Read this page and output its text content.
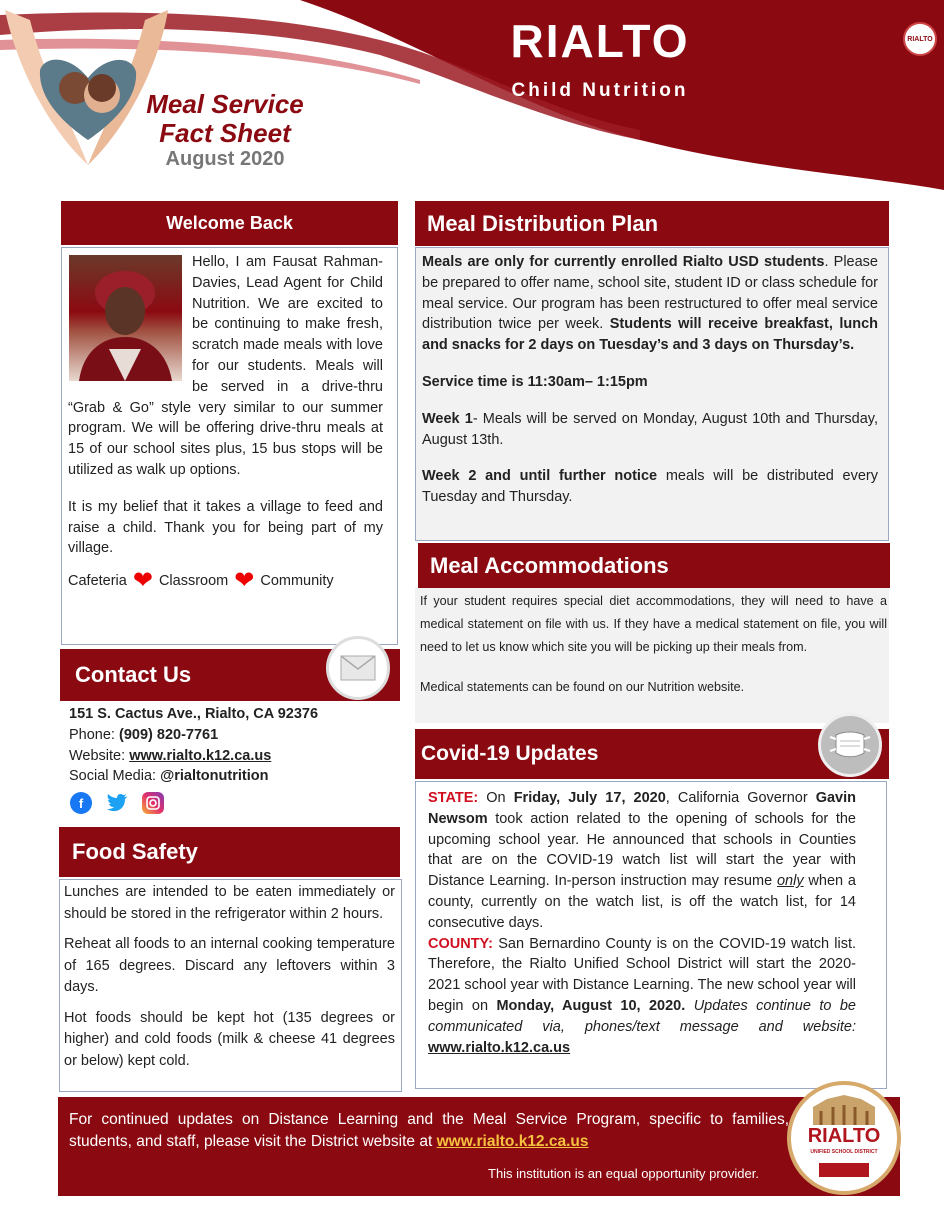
RIALTO
Child Nutrition
Meal Service
Fact Sheet
August 2020
RIALTO
Welcome Back

Hello, I am Fausat Rahman-Davies, Lead Agent for Child Nutrition. We are excited to be continuing to make fresh, scratch made meals with love for our students. Meals will be served in a drive-thru “Grab & Go” style very similar to our summer program. We will be offering drive-thru meals at 15 of our school sites plus, 15 bus stops will be utilized as walk up options.

It is my belief that it takes a village to feed and raise a child. Thank you for being part of my village.

Cafeteria ❤ Classroom ❤ Community
Contact Us
151 S. Cactus Ave., Rialto, CA 92376
Phone: (909) 820-7761
Website: www.rialto.k12.ca.us
Social Media: @rialtonutrition
f
Food Safety

Lunches are intended to be eaten immediately or should be stored in the refrigerator within 2 hours.

Reheat all foods to an internal cooking temperature of 165 degrees. Discard any leftovers within 3 days.

Hot foods should be kept hot (135 degrees or higher) and cold foods (milk & cheese 41 degrees or below) kept cold.

Meal Distribution Plan

Meals are only for currently enrolled Rialto USD students. Please be prepared to offer name, school site, student ID or class schedule for meal service. Our program has been restructured to offer meal service distribution twice per week. Students will receive breakfast, lunch and snacks for 2 days on Tuesday’s and 3 days on Thursday’s.

Service time is 11:30am– 1:15pm

Week 1- Meals will be served on Monday, August 10th and Thursday, August 13th.

Week 2 and until further notice meals will be distributed every Tuesday and Thursday.

Meal Accommodations

If your student requires special diet accommodations, they will need to have a medical statement on file with us. If they have a medical statement on file, you will need to let us know which site you will be picking up their meals from.

Medical statements can be found on our Nutrition website.

Covid-19 Updates

STATE: On Friday, July 17, 2020, California Governor Gavin Newsom took action related to the opening of schools for the upcoming school year. He announced that schools in Counties that are on the COVID-19 watch list will start the year with Distance Learning. In-person instruction may resume only when a county, currently on the watch list, is off the watch list, for 14 consecutive days.

COUNTY: San Bernardino County is on the COVID-19 watch list. Therefore, the Rialto Unified School District will start the 2020-2021 school year with Distance Learning. The new school year will begin on Monday, August 10, 2020. Updates continue to be communicated via, phones/text message and website: www.rialto.k12.ca.us

For continued updates on Distance Learning and the Meal Service Program, specific to families, students, and staff, please visit the District website at www.rialto.k12.ca.us

This institution is an equal opportunity provider.
RIALTO
UNIFIED SCHOOL DISTRICT
